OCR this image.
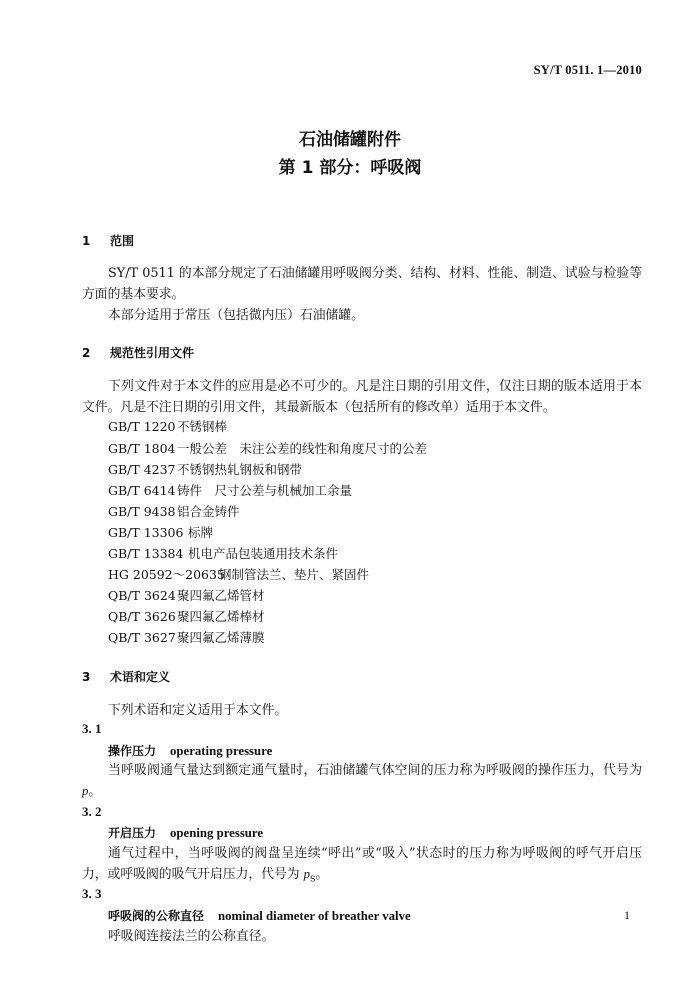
SY/T 0511. 1—2010
石油储罐附件
第 1 部分：呼吸阀
1 范围
SY/T 0511 的本部分规定了石油储罐用呼吸阀分类、结构、材料、性能、制造、试验与检验等方面的基本要求。
本部分适用于常压（包括微内压）石油储罐。
2 规范性引用文件
下列文件对于本文件的应用是必不可少的。凡是注日期的引用文件，仅注日期的版本适用于本文件。凡是不注日期的引用文件，其最新版本（包括所有的修改单）适用于本文件。
GB/T 1220不锈钢棒
GB/T 1804一般公差　未注公差的线性和角度尺寸的公差
GB/T 4237不锈钢热轧钢板和钢带
GB/T 6414铸件　尺寸公差与机械加工余量
GB/T 9438铝合金铸件
GB/T 13306 标牌
GB/T 13384 机电产品包装通用技术条件
HG 20592～20635钢制管法兰、垫片、紧固件
QB/T 3624聚四氟乙烯管材
QB/T 3626聚四氟乙烯棒材
QB/T 3627聚四氟乙烯薄膜
3 术语和定义
下列术语和定义适用于本文件。
3. 1
操作压力 operating pressure
当呼吸阀通气量达到额定通气量时，石油储罐气体空间的压力称为呼吸阀的操作压力，代号为 p。
3. 2
开启压力 opening pressure
通气过程中，当呼吸阀的阀盘呈连续“呼出”或“吸入”状态时的压力称为呼吸阀的呼气开启压力，或呼吸阀的吸气开启压力，代号为 $p_S$。
3. 3
呼吸阀的公称直径 nominal diameter of breather valve
呼吸阀连接法兰的公称直径。
1
